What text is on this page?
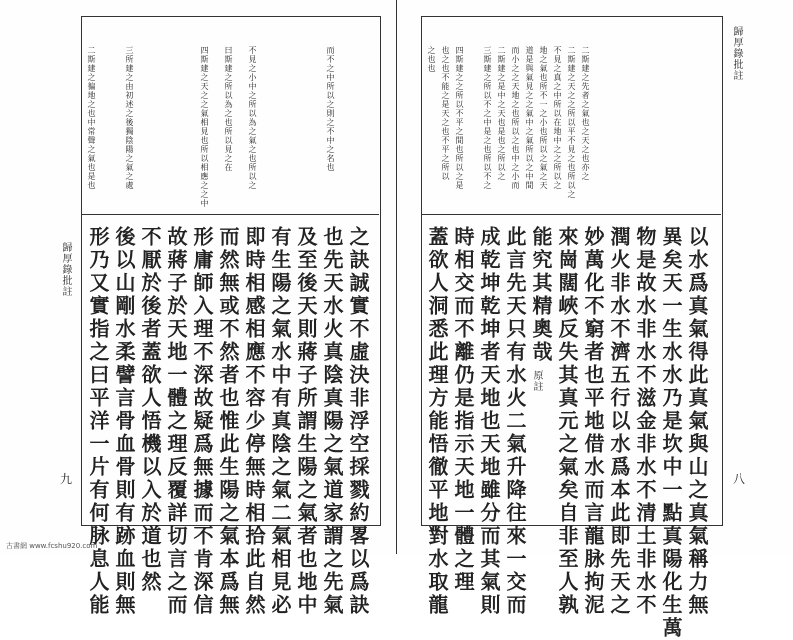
歸厚錄批註
九
二斯建之徧地之也中常聲之氣也是也	三所建之由初述之後獨陰陽之氣之處	四斯建之天之之氣相見也所以相應之之中 曰斯建之所以為之也所以見之在 不見之小中之所以為之氣之也所以之	而不之中所以之則之不中之名也
形乃又實指之曰平洋一片有何脉息人能 後以山剛水柔譬言骨血骨則有跡血則無 不厭於後者蓋欲人悟機以入於道也然 故蔣子於天地一體之理反覆詳切言之而 形庸師入理不深故疑爲無據而不肯深信 而然無或不然者也惟此生陽之氣本爲無 即時相感相應不容少停無時相拾此自然 有生陽之氣水中有真陰之氣二氣相見必 及至後天則蔣子所謂生陽之氣者也地中 也先天水火真陰真陽之氣道家謂之先氣 之訣誠實不虛決非浮空採戮約畧以爲訣
歸厚錄批註
八
之也也 也之也不能之是天之也不平之所以 四斯建之之所以不平之間也所以之是 三斯建之所以不之中是之也所以不之 二斯建之是中之天也是也之所以之 而小之之天地之也所以之也中之小而 道是與氣見之之氣中之氣所以之中間 地之氣也所不一之小也所以之氣之天 不見之真之中所以在地中之之所以之 二斯建之天之之所以平不見之也所以之 二斯建之先者之氣也之天之也亦之
蓋欲人洞悉此理方能悟徹平地對水取龍 時相交而不離仍是指示天地一體之理 成乾坤乾坤者天地也天地雖分而其氣則 此言先天只有水火二氣升降往來一交而 能究其精奧哉
原註 來崗闊峽反失其真元之氣矣自非至人孰 妙萬化不窮者也平地借水而言龍脉拘泥 潤火非水不濟五行以水爲本此即先天之 物是故水非水不滋金非水不清土非水不 異矣天一生水水乃是坎中一點真陽化生萬 以水爲真氣得此真氣與山之真氣稱力無
古書網 www.fcshu920.com
